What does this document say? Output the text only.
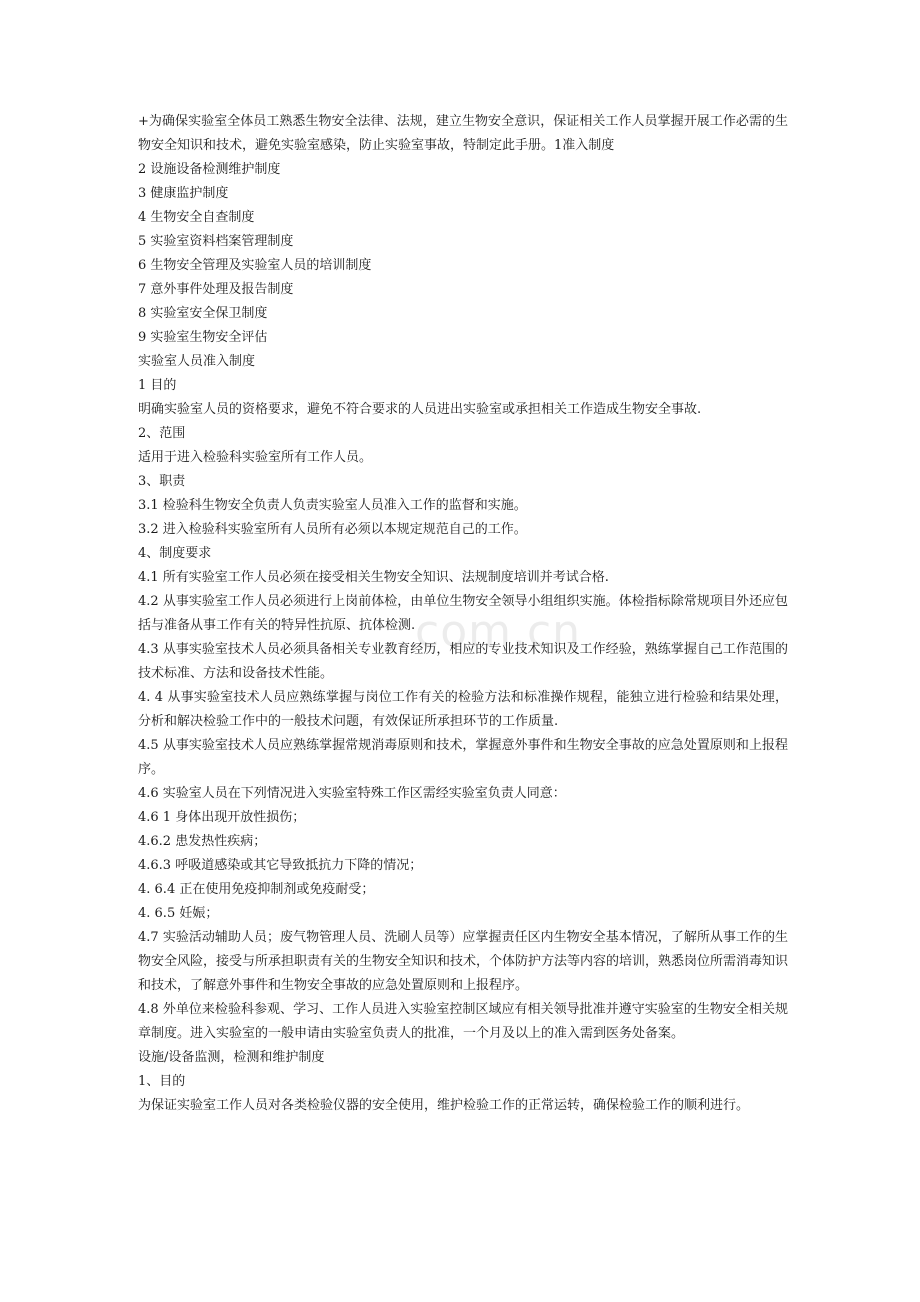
com.cn

+为确保实验室全体员工熟悉生物安全法律、法规，建立生物安全意识，保证相关工作人员掌握开展工作必需的生物安全知识和技术，避免实验室感染，防止实验室事故，特制定此手册。1准入制度

2 设施设备检测维护制度

3 健康监护制度

4 生物安全自查制度

5 实验室资料档案管理制度

6 生物安全管理及实验室人员的培训制度

7 意外事件处理及报告制度

8 实验室安全保卫制度

9 实验室生物安全评估

实验室人员准入制度

1 目的

明确实验室人员的资格要求，避免不符合要求的人员进出实验室或承担相关工作造成生物安全事故.

2、范围

适用于进入检验科实验室所有工作人员。

3、职责

3.1 检验科生物安全负责人负责实验室人员准入工作的监督和实施。

3.2 进入检验科实验室所有人员所有必须以本规定规范自己的工作。

4、制度要求

4.1 所有实验室工作人员必须在接受相关生物安全知识、法规制度培训并考试合格.

4.2 从事实验室工作人员必须进行上岗前体检，由单位生物安全领导小组组织实施。体检指标除常规项目外还应包括与准备从事工作有关的特异性抗原、抗体检测.

4.3 从事实验室技术人员必须具备相关专业教育经历，相应的专业技术知识及工作经验，熟练掌握自己工作范围的技术标准、方法和设备技术性能。

4. 4 从事实验室技术人员应熟练掌握与岗位工作有关的检验方法和标准操作规程，能独立进行检验和结果处理，分析和解决检验工作中的一般技术问题，有效保证所承担环节的工作质量.

4.5 从事实验室技术人员应熟练掌握常规消毒原则和技术，掌握意外事件和生物安全事故的应急处置原则和上报程序。

4.6 实验室人员在下列情况进入实验室特殊工作区需经实验室负责人同意：

4.6 1 身体出现开放性损伤；

4.6.2 患发热性疾病；

4.6.3 呼吸道感染或其它导致抵抗力下降的情况；

4. 6.4 正在使用免疫抑制剂或免疫耐受；

4. 6.5 妊娠；

4.7 实验活动辅助人员；废气物管理人员、洗刷人员等）应掌握责任区内生物安全基本情况，了解所从事工作的生物安全风险，接受与所承担职责有关的生物安全知识和技术，个体防护方法等内容的培训，熟悉岗位所需消毒知识和技术，了解意外事件和生物安全事故的应急处置原则和上报程序。

4.8 外单位来检验科参观、学习、工作人员进入实验室控制区域应有相关领导批准并遵守实验室的生物安全相关规章制度。进入实验室的一般申请由实验室负责人的批准，一个月及以上的准入需到医务处备案。

设施/设备监测，检测和维护制度

1、目的

为保证实验室工作人员对各类检验仪器的安全使用，维护检验工作的正常运转，确保检验工作的顺利进行。
